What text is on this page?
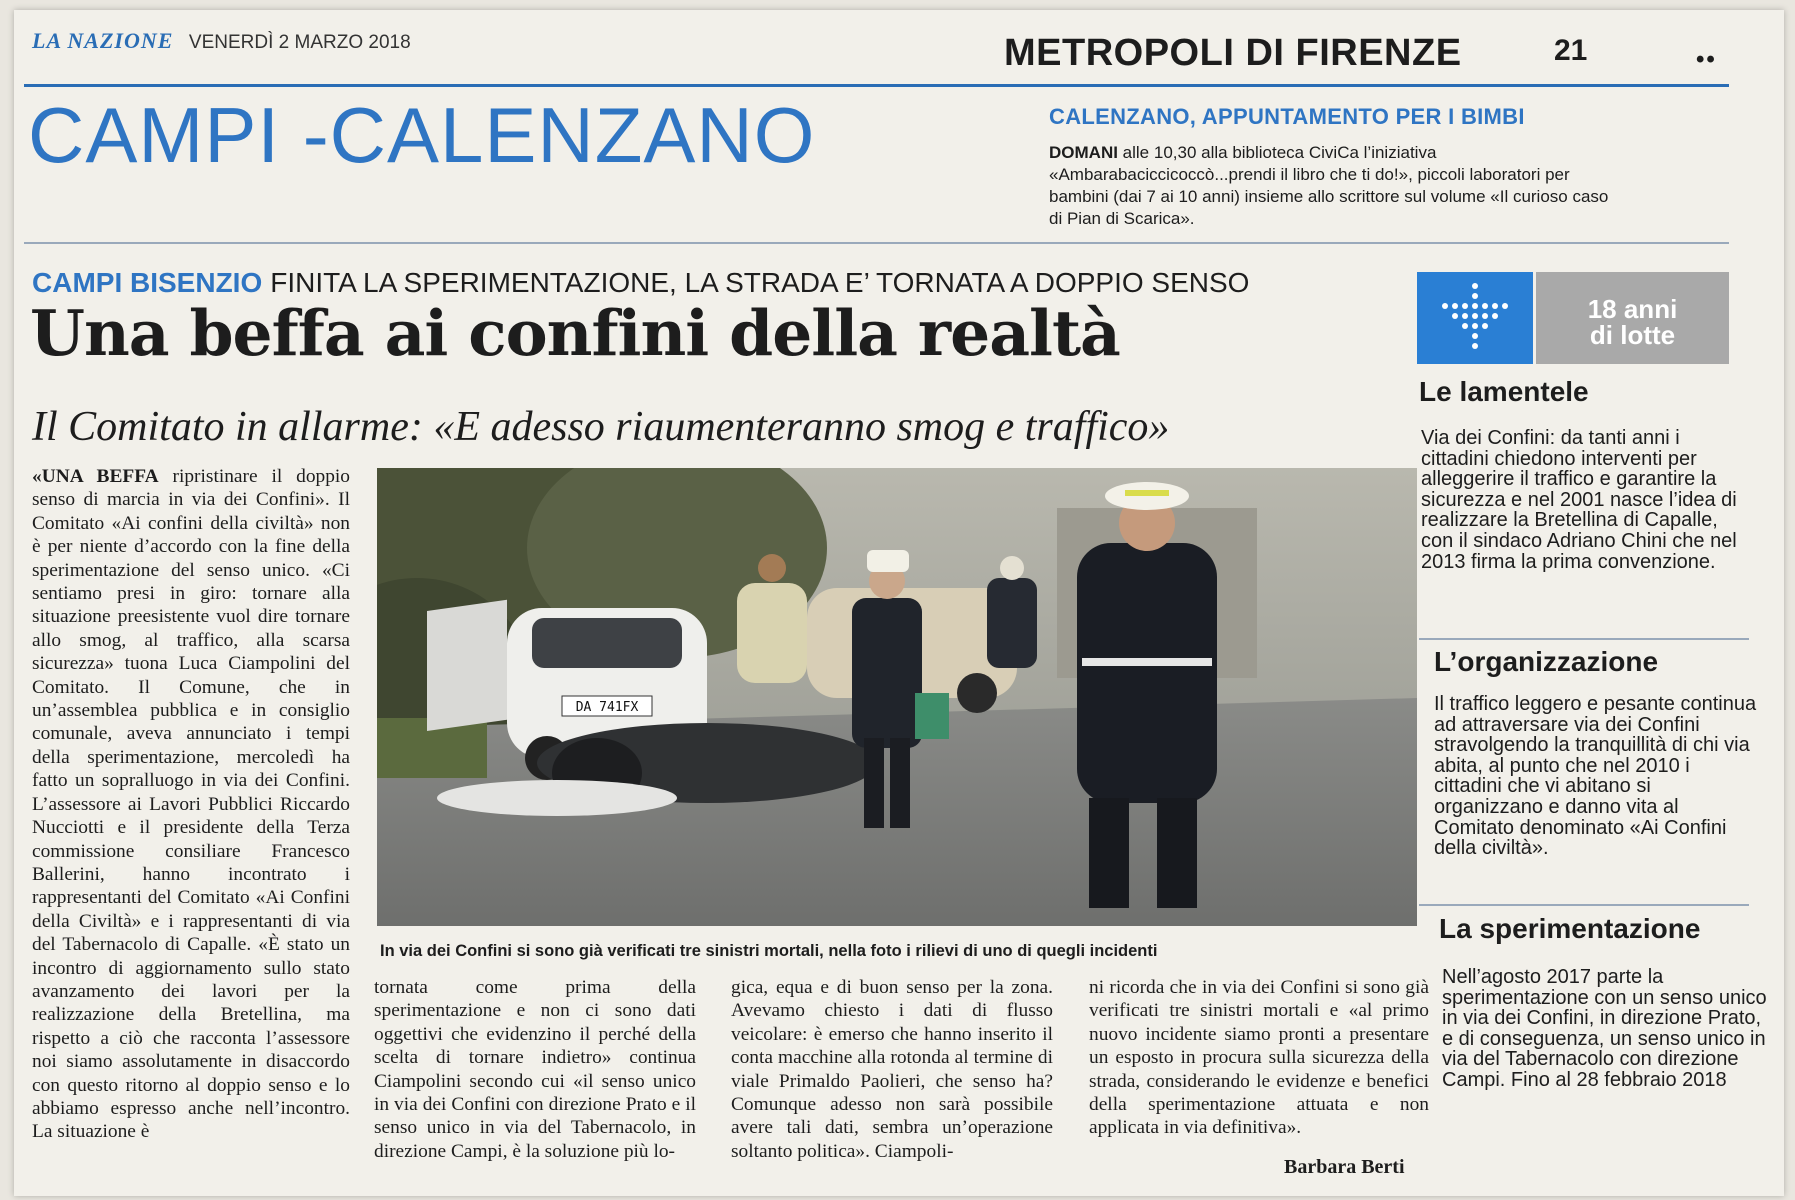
LA NAZIONE VENERDÌ 2 MARZO 2018	METROPOLI DI FIRENZE	21	••
CAMPI -CALENZANO	CALENZANO, APPUNTAMENTO PER I BIMBI
DOMANI alle 10,30 alla biblioteca CiviCa l’iniziativa «Ambarabaciccicoccò...prendi il libro che ti do!», piccoli laboratori per bambini (dai 7 ai 10 anni) insieme allo scrittore sul volume «Il curioso caso di Pian di Scarica».
CAMPI BISENZIO FINITA LA SPERIMENTAZIONE, LA STRADA E’ TORNATA A DOPPIO SENSO
Una beffa ai confini della realtà
Il Comitato in allarme: «E adesso riaumenteranno smog e traffico»
«UNA BEFFA ripristinare il doppio senso di marcia in via dei Confini». Il Comitato «Ai confini della civiltà» non è per niente d’accordo con la fine della sperimentazione del senso unico. «Ci sentiamo presi in giro: tornare alla situazione preesistente vuol dire tornare allo smog, al traffico, alla scarsa sicurezza» tuona Luca Ciampolini del Comitato. Il Comune, che in un’assemblea pubblica e in consiglio comunale, aveva annunciato i tempi della sperimentazione, mercoledì ha fatto un sopralluogo in via dei Confini. L’assessore ai Lavori Pubblici Riccardo Nucciotti e il presidente della Terza commissione consiliare Francesco Ballerini, hanno incontrato i rappresentanti del Comitato «Ai Confini della Civiltà» e i rappresentanti di via del Tabernacolo di Capalle. «È stato un incontro di aggiornamento sullo stato avanzamento dei lavori per la realizzazione della Bretellina, ma rispetto a ciò che racconta l’assessore noi siamo assolutamente in disaccordo con questo ritorno al doppio senso e lo abbiamo espresso anche nell’incontro. La situazione è
DA 741FX
In via dei Confini si sono già verificati tre sinistri mortali, nella foto i rilievi di uno di quegli incidenti
tornata come prima della sperimentazione e non ci sono dati oggettivi che evidenzino il perché della scelta di tornare indietro» continua Ciampolini secondo cui «il senso unico in via dei Confini con direzione Prato e il senso unico in via del Tabernacolo, in direzione Campi, è la soluzione più lo-
gica, equa e di buon senso per la zona. Avevamo chiesto i dati di flusso veicolare: è emerso che hanno inserito il conta macchine alla rotonda al termine di viale Primaldo Paolieri, che senso ha? Comunque adesso non sarà possibile avere tali dati, sembra un’operazione soltanto politica». Ciampoli-
ni ricorda che in via dei Confini si sono già verificati tre sinistri mortali e «al primo nuovo incidente siamo pronti a presentare un esposto in procura sulla sicurezza della strada, considerando le evidenze e benefici della sperimentazione attuata e non applicata in via definitiva».
Barbara Berti
18 anni
di lotte
Le lamentele
Via dei Confini: da tanti anni i cittadini chiedono interventi per alleggerire il traffico e garantire la sicurezza e nel 2001 nasce l’idea di realizzare la Bretellina di Capalle, con il sindaco Adriano Chini che nel 2013 firma la prima convenzione.
L’organizzazione
Il traffico leggero e pesante continua ad attraversare via dei Confini stravolgendo la tranquillità di chi via abita, al punto che nel 2010 i cittadini che vi abitano si organizzano e danno vita al Comitato denominato «Ai Confini della civiltà».
La sperimentazione
Nell’agosto 2017 parte la sperimentazione con un senso unico in via dei Confini, in direzione Prato, e di conseguenza, un senso unico in via del Tabernacolo con direzione Campi. Fino al 28 febbraio 2018
